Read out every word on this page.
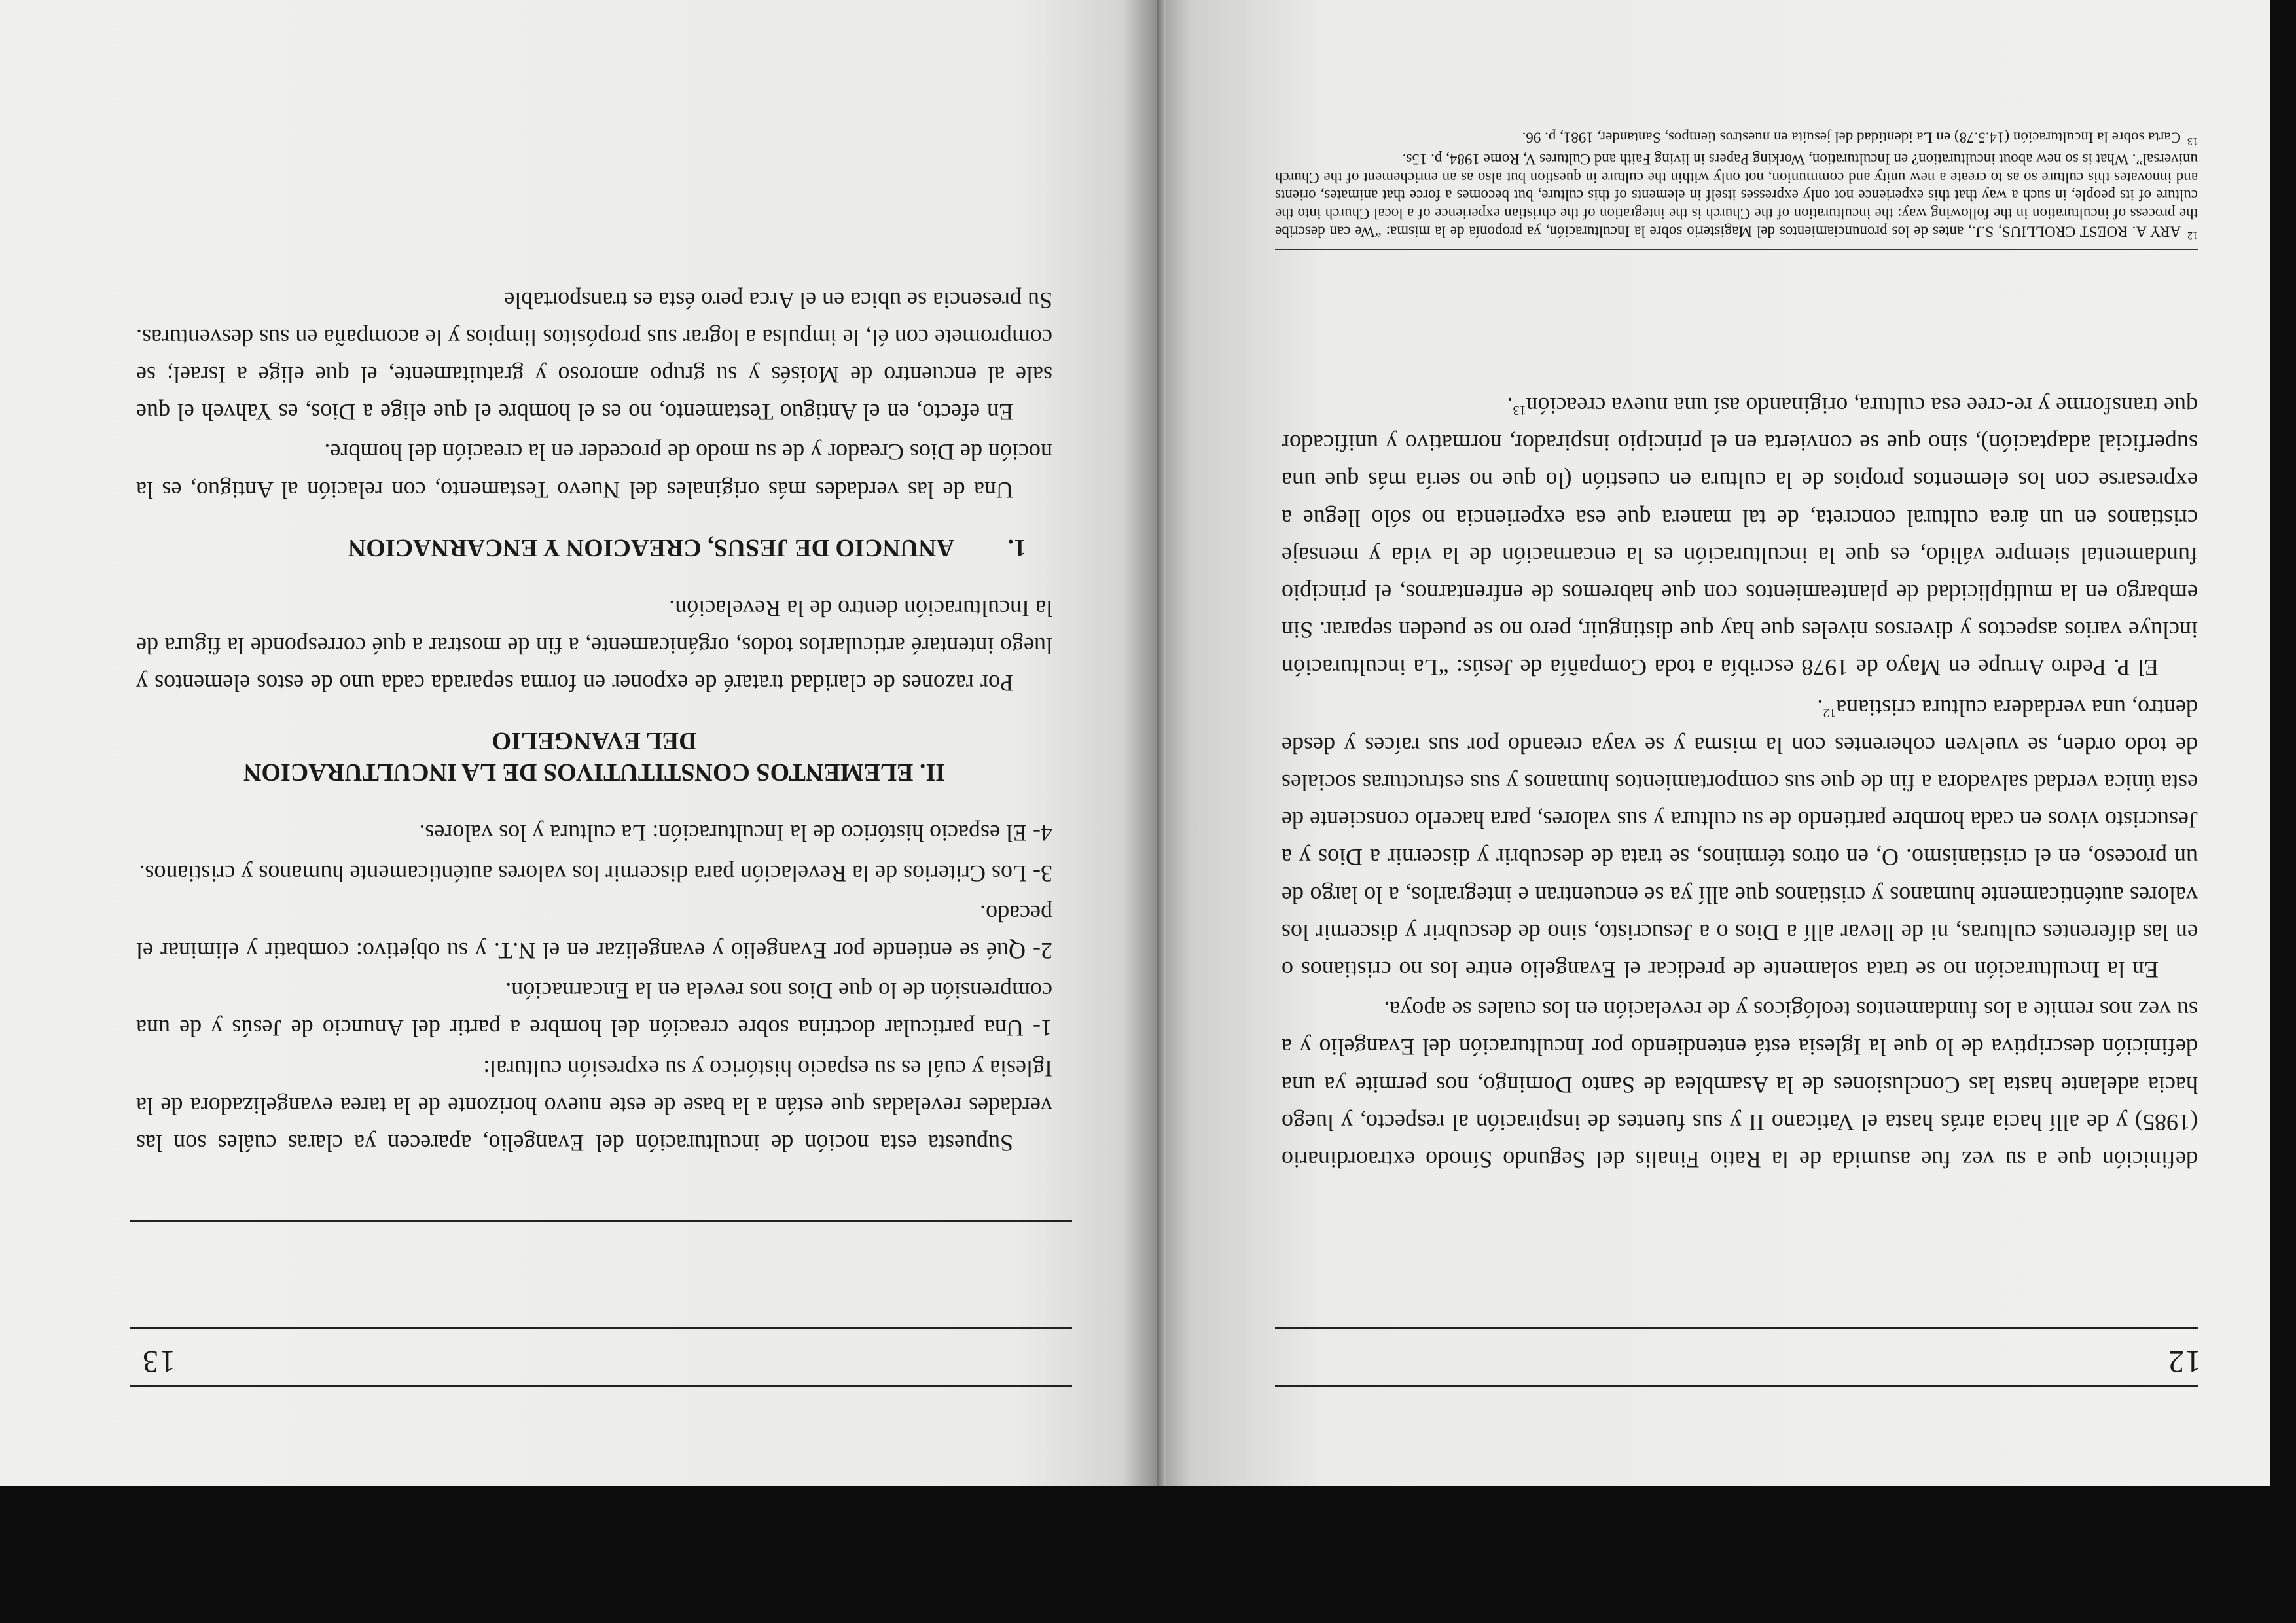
12

definición que a su vez fue asumida de la Ratio Finalis del Segundo Sínodo extraordinario (1985) y de allí hacia atrás hasta el Vaticano II y sus fuentes de inspiración al respecto, y luego hacia adelante hasta las Conclusiones de la Asamblea de Santo Domingo, nos permite ya una definición descriptiva de lo que la Iglesia está entendiendo por Inculturación del Evangelio y a su vez nos remite a los fundamentos teológicos y de revelación en los cuales se apoya.

En la Inculturación no se trata solamente de predicar el Evangelio entre los no cristianos o en las diferentes culturas, ni de llevar allí a Dios o a Jesucristo, sino de descubrir y discernir los valores auténticamente humanos y cristianos que allí ya se encuentran e integrarlos, a lo largo de un proceso, en el cristianismo. O, en otros términos, se trata de descubrir y discernir a Dios y a Jesucristo vivos en cada hombre partiendo de su cultura y sus valores, para hacerlo consciente de esta única verdad salvadora a fin de que sus comportamientos humanos y sus estructuras sociales de todo orden, se vuelven coherentes con la misma y se vaya creando por sus raíces y desde dentro, una verdadera cultura cristiana$^{12}$.

El P. Pedro Arrupe en Mayo de 1978 escribía a toda Compañía de Jesús: “La inculturación incluye varios aspectos y diversos niveles que hay que distinguir, pero no se pueden separar. Sin embargo en la multiplicidad de planteamientos con que habremos de enfrentarnos, el principio fundamental siempre válido, es que la inculturación es la encarnación de la vida y mensaje cristianos en un área cultural concreta, de tal manera que esa experiencia no sólo llegue a expresarse con los elementos propios de la cultura en cuestión (lo que no sería más que una superficial adaptación), sino que se convierta en el principio inspirador, normativo y unificador que transforme y re-cree esa cultura, originando así una nueva creación$^{13}$.

$^{12}$ARY A. ROEST CROLLIUS, S.J., antes de los pronunciamientos del Magisterio sobre la Inculturación, ya proponía de la misma: “We can describe the process of inculturation in the following way: the inculturation of the Church is the integration of the christian experience of a local Church into the culture of its people, in such a way that this experience not only expresses itself in elements of this culture, but becomes a force that animates, orients and innovates this culture so as to create a new unity and communion, not only within the culture in question but also as an enrichement of the Church universal”. What is so new about inculturation? en Inculturation, Working Papers in living Faith and Cultures V, Rome 1984, p. 15s.

$^{13}$Carta sobre la Inculturación (14.5.78) en La identidad del jesuita en nuestros tiempos, Santander, 1981, p. 96.

13

Supuesta esta noción de inculturación del Evangelio, aparecen ya claras cuáles son las verdades reveladas que están a la base de este nuevo horizonte de la tarea evangelizadora de la Iglesia y cuál es su espacio histórico y su expresión cultural:

1- Una particular doctrina sobre creación del hombre a partir del Anuncio de Jesús y de una comprensión de lo que Dios nos revela en la Encarnación.

2- Qué se entiende por Evangelio y evangelizar en el N.T. y su objetivo: combatir y eliminar el pecado.

3- Los Criterios de la Revelación para discernir los valores auténticamente humanos y cristianos.

4- El espacio histórico de la Inculturación: La cultura y los valores.

II. ELEMENTOS CONSTITUTIVOS DE LA INCULTURACION
DEL EVANGELIO

Por razones de claridad trataré de exponer en forma separada cada uno de estos elementos y luego intentaré articularlos todos, orgánicamente, a fin de mostrar a qué corresponde la figura de la Inculturación dentro de la Revelación.

1.ANUNCIO DE JESUS, CREACION Y ENCARNACION

Una de las verdades más originales del Nuevo Testamento, con relación al Antiguo, es la noción de Dios Creador y de su modo de proceder en la creación del hombre.

En efecto, en el Antiguo Testamento, no es el hombre el que elige a Dios, es Yahveh el que sale al encuentro de Moisés y su grupo amoroso y gratuitamente, el que elige a Israel; se compromete con él, le impulsa a lograr sus propósitos limpios y le acompaña en sus desventuras. Su presencia se ubica en el Arca pero ésta es transportable
